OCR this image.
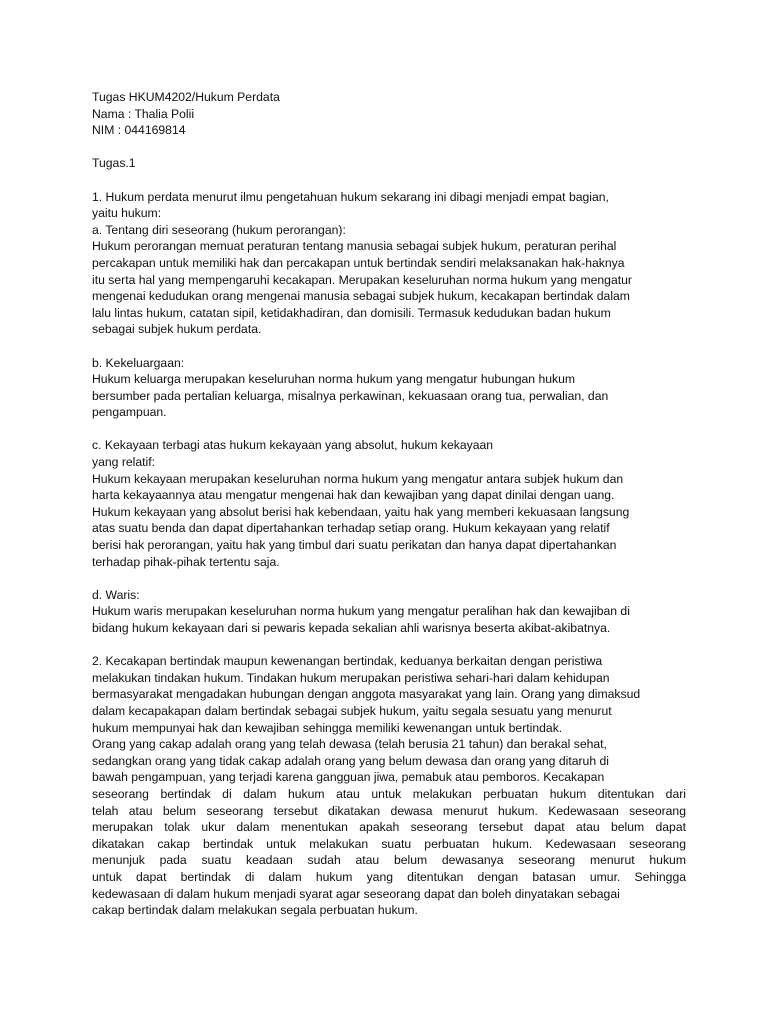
Tugas HKUM4202/Hukum Perdata
Nama : Thalia Polii
NIM : 044169814
Tugas.1
1. Hukum perdata menurut ilmu pengetahuan hukum sekarang ini dibagi menjadi empat bagian,
yaitu hukum:
a. Tentang diri seseorang (hukum perorangan):
Hukum perorangan memuat peraturan tentang manusia sebagai subjek hukum, peraturan perihal
percakapan untuk memiliki hak dan percakapan untuk bertindak sendiri melaksanakan hak-haknya
itu serta hal yang mempengaruhi kecakapan. Merupakan keseluruhan norma hukum yang mengatur
mengenai kedudukan orang mengenai manusia sebagai subjek hukum, kecakapan bertindak dalam
lalu lintas hukum, catatan sipil, ketidakhadiran, dan domisili. Termasuk kedudukan badan hukum
sebagai subjek hukum perdata.
b. Kekeluargaan:
Hukum keluarga merupakan keseluruhan norma hukum yang mengatur hubungan hukum
bersumber pada pertalian keluarga, misalnya perkawinan, kekuasaan orang tua, perwalian, dan
pengampuan.
c. Kekayaan terbagi atas hukum kekayaan yang absolut, hukum kekayaan
yang relatif:
Hukum kekayaan merupakan keseluruhan norma hukum yang mengatur antara subjek hukum dan
harta kekayaannya atau mengatur mengenai hak dan kewajiban yang dapat dinilai dengan uang.
Hukum kekayaan yang absolut berisi hak kebendaan, yaitu hak yang memberi kekuasaan langsung
atas suatu benda dan dapat dipertahankan terhadap setiap orang. Hukum kekayaan yang relatif
berisi hak perorangan, yaitu hak yang timbul dari suatu perikatan dan hanya dapat dipertahankan
terhadap pihak-pihak tertentu saja.
d. Waris:
Hukum waris merupakan keseluruhan norma hukum yang mengatur peralihan hak dan kewajiban di
bidang hukum kekayaan dari si pewaris kepada sekalian ahli warisnya beserta akibat-akibatnya.
2. Kecakapan bertindak maupun kewenangan bertindak, keduanya berkaitan dengan peristiwa
melakukan tindakan hukum. Tindakan hukum merupakan peristiwa sehari-hari dalam kehidupan
bermasyarakat mengadakan hubungan dengan anggota masyarakat yang lain. Orang yang dimaksud
dalam kecapakapan dalam bertindak sebagai subjek hukum, yaitu segala sesuatu yang menurut
hukum mempunyai hak dan kewajiban sehingga memiliki kewenangan untuk bertindak.
Orang yang cakap adalah orang yang telah dewasa (telah berusia 21 tahun) dan berakal sehat,
sedangkan orang yang tidak cakap adalah orang yang belum dewasa dan orang yang ditaruh di
bawah pengampuan, yang terjadi karena gangguan jiwa, pemabuk atau pemboros. Kecakapan
seseorang bertindak di dalam hukum atau untuk melakukan perbuatan hukum ditentukan dari
telah atau belum seseorang tersebut dikatakan dewasa menurut hukum. Kedewasaan seseorang
merupakan tolak ukur dalam menentukan apakah seseorang tersebut dapat atau belum dapat
dikatakan cakap bertindak untuk melakukan suatu perbuatan hukum. Kedewasaan seseorang
menunjuk pada suatu keadaan sudah atau belum dewasanya seseorang menurut hukum
untuk dapat bertindak di dalam hukum yang ditentukan dengan batasan umur. Sehingga
kedewasaan di dalam hukum menjadi syarat agar seseorang dapat dan boleh dinyatakan sebagai
cakap bertindak dalam melakukan segala perbuatan hukum.
